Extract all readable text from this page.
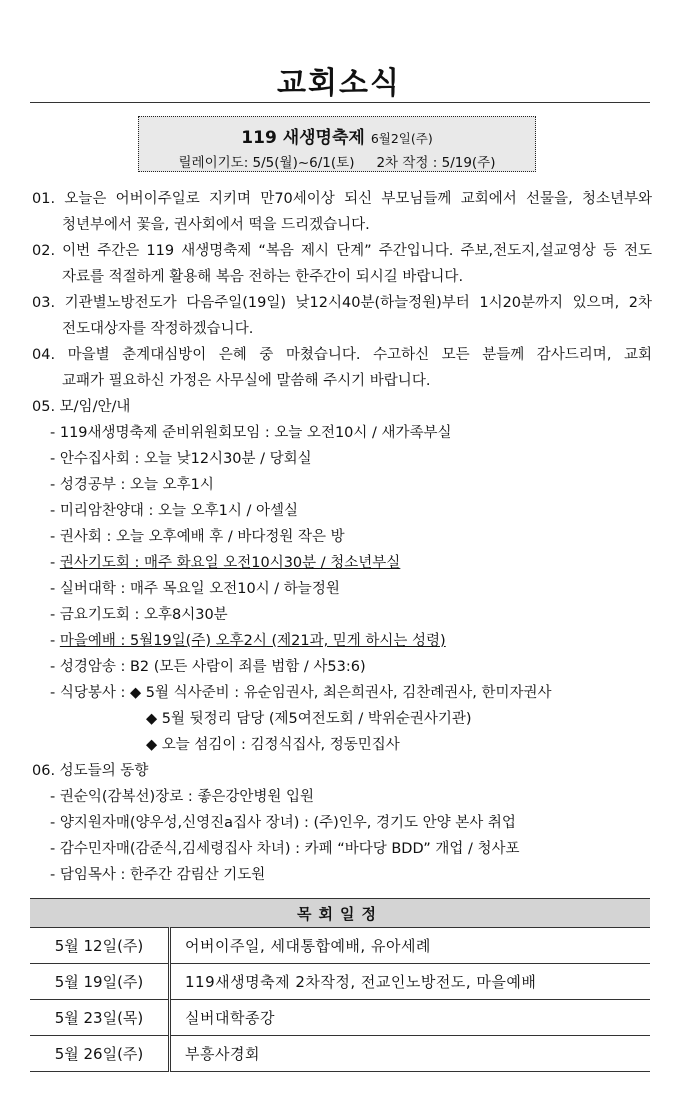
교회소식
119 새생명축제 6월2일(주)
릴레이기도: 5/5(월)~6/1(토) 2차 작정 : 5/19(주)
01. 오늘은 어버이주일로 지키며 만70세이상 되신 부모님들께 교회에서 선물을, 청소년부와
청년부에서 꽃을, 권사회에서 떡을 드리겠습니다.
02. 이번 주간은 119 새생명축제 “복음 제시 단계” 주간입니다. 주보,전도지,설교영상 등 전도
자료를 적절하게 활용해 복음 전하는 한주간이 되시길 바랍니다.
03. 기관별노방전도가 다음주일(19일) 낮12시40분(하늘정원)부터 1시20분까지 있으며, 2차
전도대상자를 작정하겠습니다.
04. 마을별 춘계대심방이 은혜 중 마쳤습니다. 수고하신 모든 분들께 감사드리며, 교회
교패가 필요하신 가정은 사무실에 말씀해 주시기 바랍니다.
05. 모/임/안/내
- 119새생명축제 준비위원회모임 : 오늘 오전10시 / 새가족부실
- 안수집사회 : 오늘 낮12시30분 / 당회실
- 성경공부 : 오늘 오후1시
- 미리암찬양대 : 오늘 오후1시 / 아셀실
- 권사회 : 오늘 오후예배 후 / 바다정원 작은 방
- 권사기도회 : 매주 화요일 오전10시30분 / 청소년부실
- 실버대학 : 매주 목요일 오전10시 / 하늘정원
- 금요기도회 : 오후8시30분
- 마을예배 : 5월19일(주) 오후2시 (제21과, 믿게 하시는 성령)
- 성경암송 : B2 (모든 사람이 죄를 범함 / 사53:6)
- 식당봉사 : ◆ 5월 식사준비 : 유순임권사, 최은희권사, 김찬례권사, 한미자권사
◆ 5월 뒷정리 담당 (제5여전도회 / 박위순권사기관)
◆ 오늘 섬김이 : 김정식집사, 정동민집사
06. 성도들의 동향
- 권순익(감복선)장로 : 좋은강안병원 입원
- 양지원자매(양우성,신영진a집사 장녀) : (주)인우, 경기도 안양 본사 취업
- 감수민자매(감준식,김세령집사 차녀) : 카페 “바다당 BDD” 개업 / 청사포
- 담임목사 : 한주간 감림산 기도원
목회일정	
5월 12일(주)	어버이주일, 세대통합예배, 유아세례
5월 19일(주)	119새생명축제 2차작정, 전교인노방전도, 마을예배
5월 23일(목)	실버대학종강
5월 26일(주)	부흥사경회
